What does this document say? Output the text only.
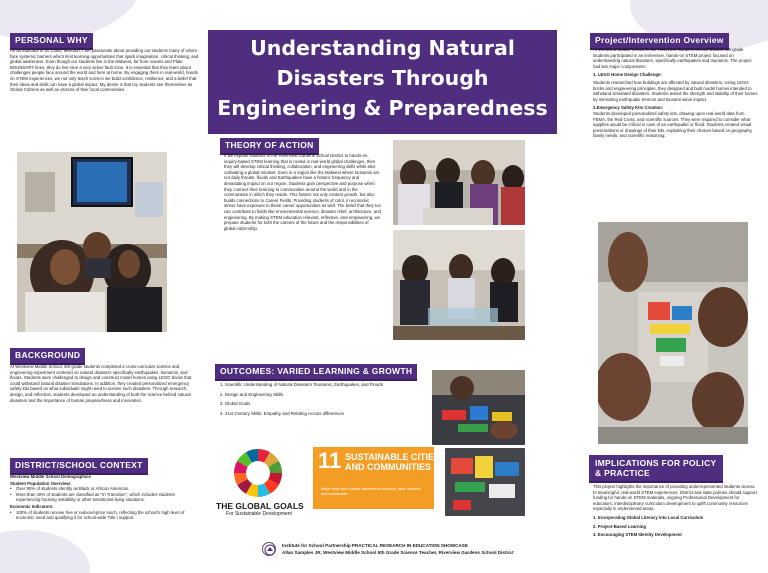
PERSONAL WHY
As an educator in St. Louis, Missouri, I am passionate about providing our students many of whom face systemic barriers which limit learning opportunities that spark imagination, critical thinking, and global awareness. Even though our students live in the Midwest, far from oceans and Plate BOUNDARY lines, they do live near a very active fault zone. It is essential that they learn about challenges people face around the world and here at home. By engaging them in real-world, hands on STEM experiences, we not only teach science we build confidence, resilience, and a belief that their ideas and skills can have a global impact. My desire is that my students see themselves as Global Citizens as well as citizens of their local communities.
BACKGROUND
At Westview Middle School, 6th-grade students completed a cross-curricular science and engineering experiment centered on natural disasters specifically earthquakes, tsunamis, and floods. Students were challenged to design and construct model homes using LEGO bricks that could withstand natural disaster simulations. In addition, they created personalized emergency safety kits based on what individuals might need to survive such disasters. Through research, design, and reflection, students developed an understanding of both the science behind natural disasters and the importance of human preparedness and innovation.
DISTRICT/SCHOOL CONTEXT
Westview Middle School Demographics
Student Population Overview:
• Over 90% of students identify as Black or African American.
• More than 40% of students are classified as "In Transition", which includes students experiencing housing instability or other transitional living situations.
Economic Indicators:
• 100% of students receive free or reduced-price lunch, reflecting the school's high level of economic need and qualifying it for school-wide Title I support.
Understanding Natural
Disasters Through
Engineering & Preparedness
THEORY OF ACTION
If we expose students in the Riverview Gardens School District to hands-on, inquiry-based STEM learning that is rooted in real-world global challenges, then they will develop critical thinking, collaboration, and engineering skills while also cultivating a global mindset. Even in a region like the Midwest where tsunamis are not daily threats, floods and Earthquakes have a historic frequency and devastating impact on our region. Students gain perspective and purpose when they connect their learning to communities around the world and in the communities in which they reside. This fosters not only content growth, but also builds connections to Career Fields. Providing students of color, in economic stress have exposure to these career opportunities as well. The belief that they too can contribute to fields like environmental science, disaster relief, architecture, and engineering. By making STEM education relevant, reflective, and empowering, we prepare students for both the careers of the future and the responsibilities of global citizenship.
OUTCOMES: VARIED LEARNING & GROWTH
1. Scientific Understanding of Natural Disasters Tsunamis, Earthquakes, and Floods
2. Design and Engineering Skills
3. Global Goals
4. 21st Century Skills: Empathy and Relating Across differences
THE GLOBAL GOALS
For Sustainable Development
11 SUSTAINABLE CITIES
AND COMMUNITIES
Make cities and human settlements inclusive, safe, resilient and sustainable
Institute for School Partnership PRACTICAL RESEARCH IN EDUCATION SHOWCASE
Allan Samples JR, Westview Middle School 6th Grade Science Teacher, Riverview Gardens School District
Project/Intervention Overview
At Westview Middle School in the Riverview Gardens School District, 6th-grade students participated in an immersive, hands-on STEM project focused on understanding natural disasters, specifically earthquakes and tsunamis. The project had two major components:
1. LEGO Home Design Challenge:
Students researched how buildings are affected by natural disasters. Using LEGO bricks and engineering principles, they designed and built model homes intended to withstand simulated disasters. Students tested the strength and stability of their homes by mimicking earthquake tremors and tsunami wave impact.
2.Emergency Safety Kits Creation:
Students developed personalized safety kits, drawing upon real-world data from FEMA, the Red Cross, and scientific sources. They were required to consider what supplies would be critical in case of an earthquake or flood. Students created visual presentations or drawings of their kits, explaining their choices based on geography, family needs, and scientific reasoning.
IMPLICATIONS FOR POLICY
& PRACTICE
This project highlights the importance of providing underrepresented students access to meaningful, real-world STEM experiences. District and state policies should support funding for hands-on STEM materials, ongoing Professional Development for educators, interdisciplinary curriculum development to uplift community resources especially in underserved areas.
1. Incorporating Global Literacy into Local Curriculum
2. Project-Based Learning
3. Encouraging STEM Identity Development
